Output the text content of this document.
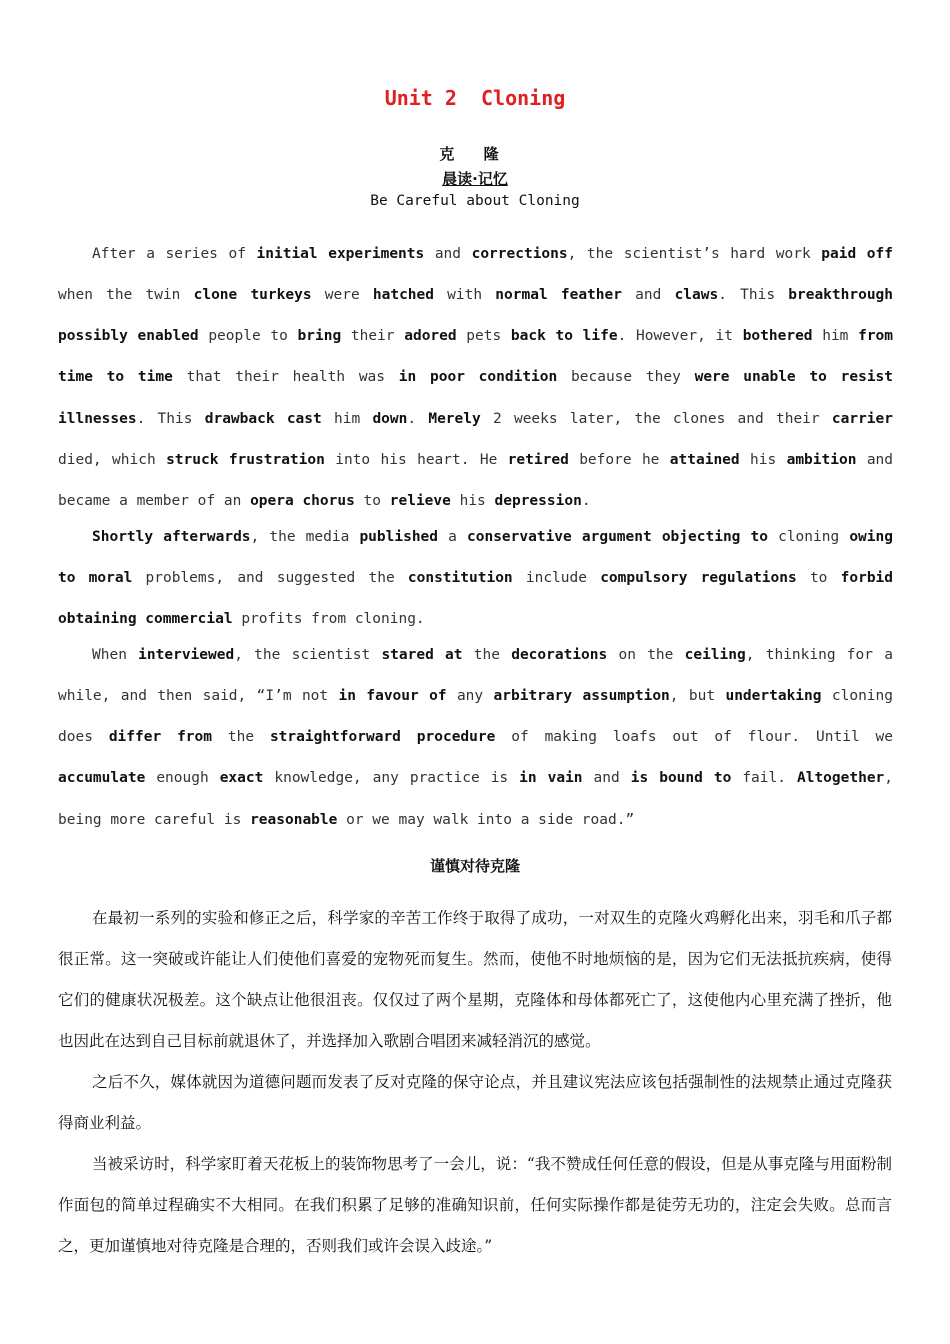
Unit 2  Cloning
克 隆
晨读·记忆
Be Careful about Cloning

After a series of initial experiments and corrections, the scientist’s hard work paid off when the twin clone turkeys were hatched with normal feather and claws. This breakthrough possibly enabled people to bring their adored pets back to life. However, it bothered him from time to time that their health was in poor condition because they were unable to resist illnesses. This drawback cast him down. Merely 2 weeks later, the clones and their carrier died, which struck frustration into his heart. He retired before he attained his ambition and became a member of an opera chorus to relieve his depression.

Shortly afterwards, the media published a conservative argument objecting to cloning owing to moral problems, and suggested the constitution include compulsory regulations to forbid obtaining commercial profits from cloning.

When interviewed, the scientist stared at the decorations on the ceiling, thinking for a while, and then said, “I’m not in favour of any arbitrary assumption, but undertaking cloning does differ from the straightforward procedure of making loafs out of flour. Until we accumulate enough exact knowledge, any practice is in vain and is bound to fail. Altogether, being more careful is reasonable or we may walk into a side road.”

谨慎对待克隆

在最初一系列的实验和修正之后，科学家的辛苦工作终于取得了成功，一对双生的克隆火鸡孵化出来，羽毛和爪子都很正常。这一突破或许能让人们使他们喜爱的宠物死而复生。然而，使他不时地烦恼的是，因为它们无法抵抗疾病，使得它们的健康状况极差。这个缺点让他很沮丧。仅仅过了两个星期，克隆体和母体都死亡了，这使他内心里充满了挫折，他也因此在达到自己目标前就退休了，并选择加入歌剧合唱团来减轻消沉的感觉。

之后不久，媒体就因为道德问题而发表了反对克隆的保守论点，并且建议宪法应该包括强制性的法规禁止通过克隆获得商业利益。

当被采访时，科学家盯着天花板上的装饰物思考了一会儿，说：“我不赞成任何任意的假设，但是从事克隆与用面粉制作面包的简单过程确实不大相同。在我们积累了足够的准确知识前，任何实际操作都是徒劳无功的，注定会失败。总而言之，更加谨慎地对待克隆是合理的，否则我们或许会误入歧途。”
